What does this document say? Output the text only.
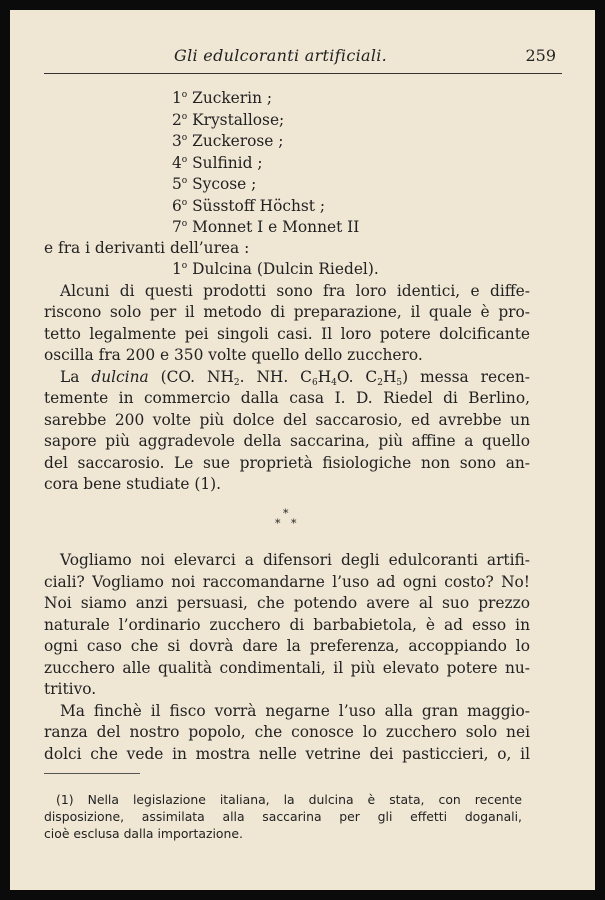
Gli edulcoranti artificiali.	259
1$^o$ Zuckerin ;
2$^o$ Krystallose;
3$^o$ Zuckerose ;
4$^o$ Sulfinid ;
5$^o$ Sycose ;
6$^o$ Süsstoff Höchst ;
7$^o$ Monnet I e Monnet II
e fra i derivanti dell’urea :
1$^o$ Dulcina (Dulcin Riedel).
Alcuni di questi prodotti sono fra loro identici, e diffe-
riscono solo per il metodo di preparazione, il quale è pro-
tetto legalmente pei singoli casi. Il loro potere dolcificante
oscilla fra 200 e 350 volte quello dello zucchero.
La dulcina (CO. $NH_2$. NH. $C_6H_4O$. $C_2H_5$) messa recen-
temente in commercio dalla casa I. D. Riedel di Berlino,
sarebbe 200 volte più dolce del saccarosio, ed avrebbe un
sapore più aggradevole della saccarina, più affine a quello
del saccarosio. Le sue proprietà fisiologiche non sono an-
cora bene studiate (1).
*
* *
Vogliamo noi elevarci a difensori degli edulcoranti artifi-
ciali? Vogliamo noi raccomandarne l’uso ad ogni costo? No!
Noi siamo anzi persuasi, che potendo avere al suo prezzo
naturale l’ordinario zucchero di barbabietola, è ad esso in
ogni caso che si dovrà dare la preferenza, accoppiando lo
zucchero alle qualità condimentali, il più elevato potere nu-
tritivo.
Ma finchè il fisco vorrà negarne l’uso alla gran maggio-
ranza del nostro popolo, che conosce lo zucchero solo nei
dolci che vede in mostra nelle vetrine dei pasticcieri, o, il
(1) Nella legislazione italiana, la dulcina è stata, con recente
disposizione, assimilata alla saccarina per gli effetti doganali,
cioè esclusa dalla importazione.
